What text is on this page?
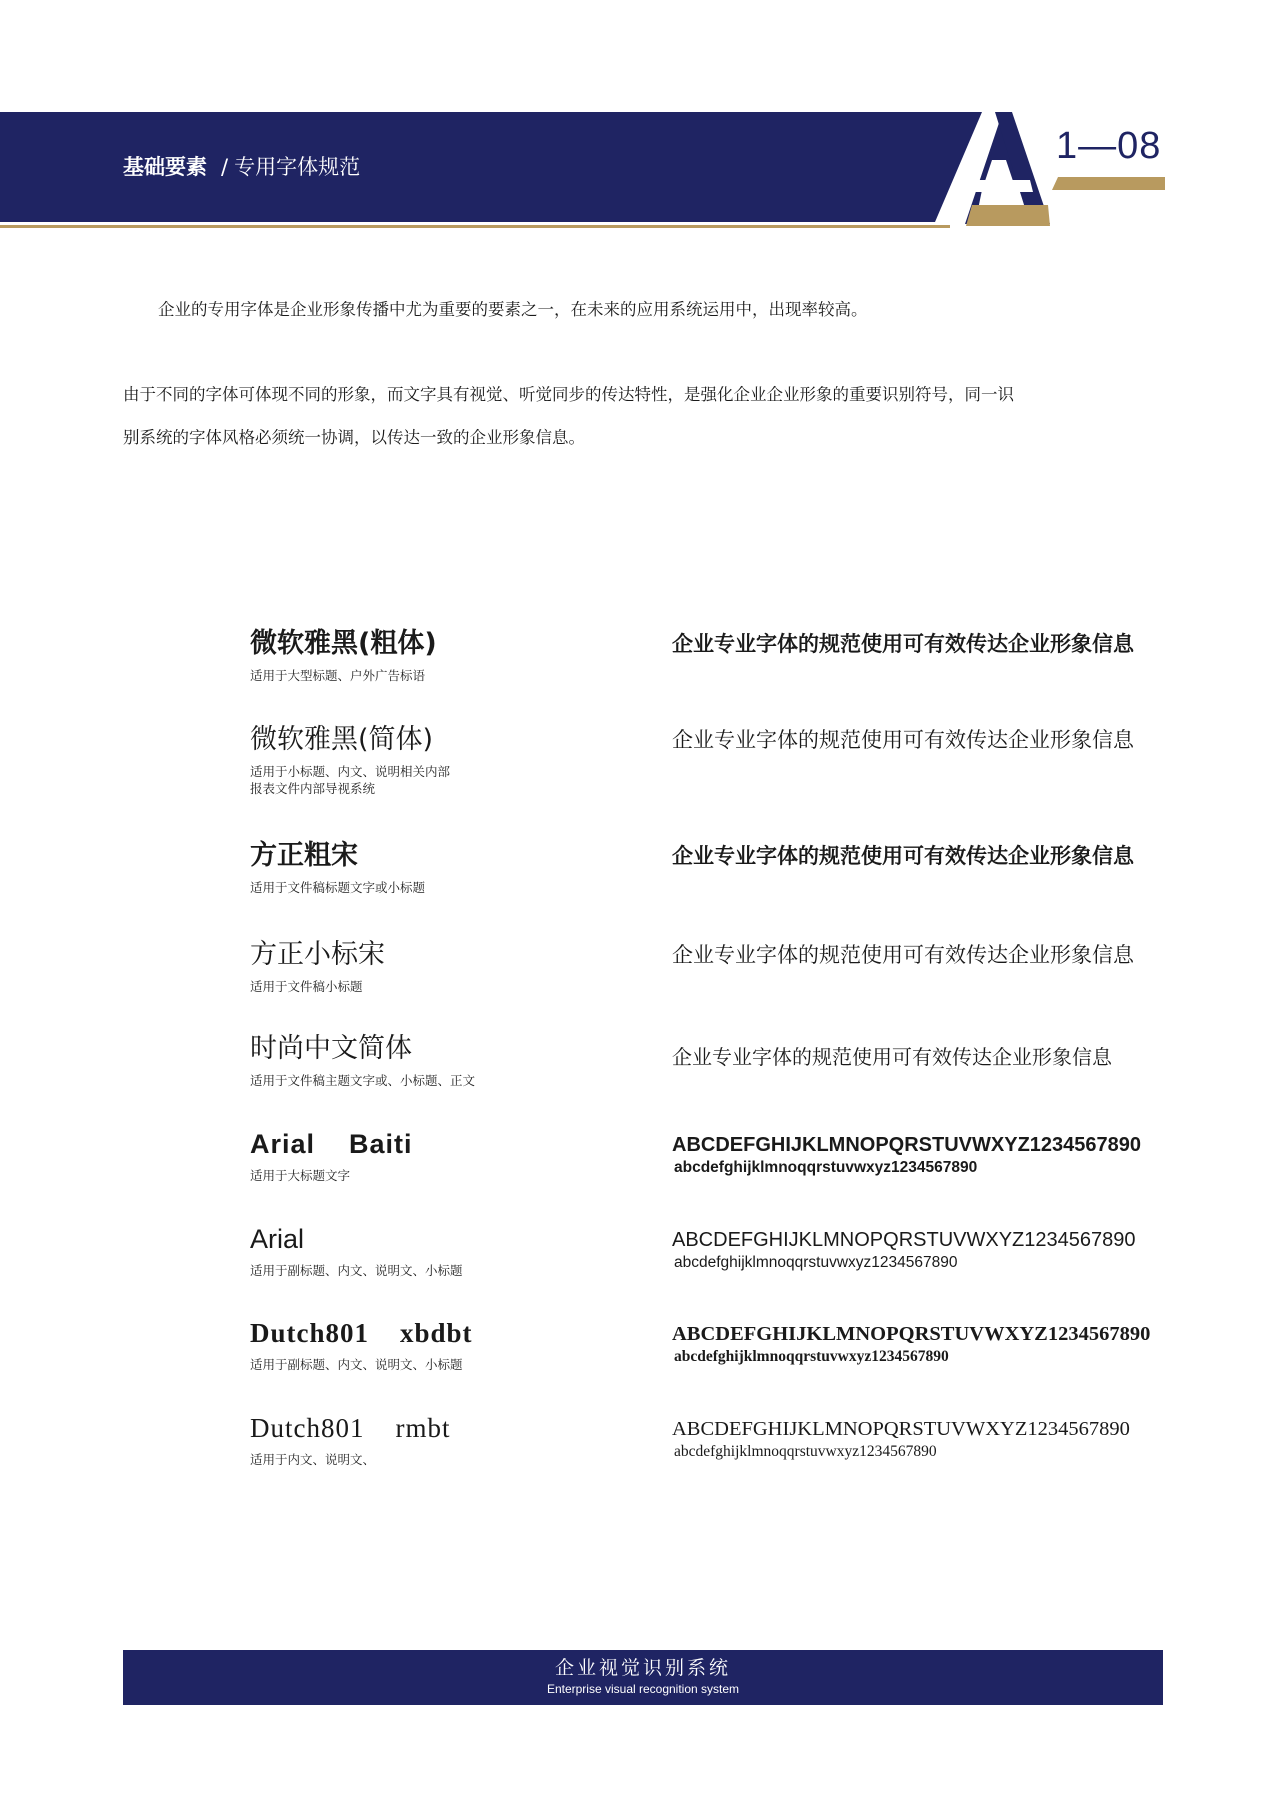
基础要素 / 专用字体规范	1—08
企业的专用字体是企业形象传播中尤为重要的要素之一，在未来的应用系统运用中，出现率较高。
由于不同的字体可体现不同的形象，而文字具有视觉、听觉同步的传达特性，是强化企业企业形象的重要识别符号，同一识
别系统的字体风格必须统一协调，以传达一致的企业形象信息。
微软雅黑(粗体)
适用于大型标题、户外广告标语
企业专业字体的规范使用可有效传达企业形象信息
微软雅黑(简体)
适用于小标题、内文、说明相关内部
报表文件内部导视系统
企业专业字体的规范使用可有效传达企业形象信息
方正粗宋
适用于文件稿标题文字或小标题
企业专业字体的规范使用可有效传达企业形象信息
方正小标宋
适用于文件稿小标题
企业专业字体的规范使用可有效传达企业形象信息
时尚中文简体
适用于文件稿主题文字或、小标题、正文
企业专业字体的规范使用可有效传达企业形象信息
Arial    Baiti
适用于大标题文字
ABCDEFGHIJKLMNOPQRSTUVWXYZ1234567890
abcdefghijklmnoqqrstuvwxyz1234567890
Arial
适用于副标题、内文、说明文、小标题
ABCDEFGHIJKLMNOPQRSTUVWXYZ1234567890
abcdefghijklmnoqqrstuvwxyz1234567890
Dutch801    xbdbt
适用于副标题、内文、说明文、小标题
ABCDEFGHIJKLMNOPQRSTUVWXYZ1234567890
abcdefghijklmnoqqrstuvwxyz1234567890
Dutch801    rmbt
适用于内文、说明文、
ABCDEFGHIJKLMNOPQRSTUVWXYZ1234567890
abcdefghijklmnoqqrstuvwxyz1234567890
企业视觉识别系统
Enterprise visual recognition system
